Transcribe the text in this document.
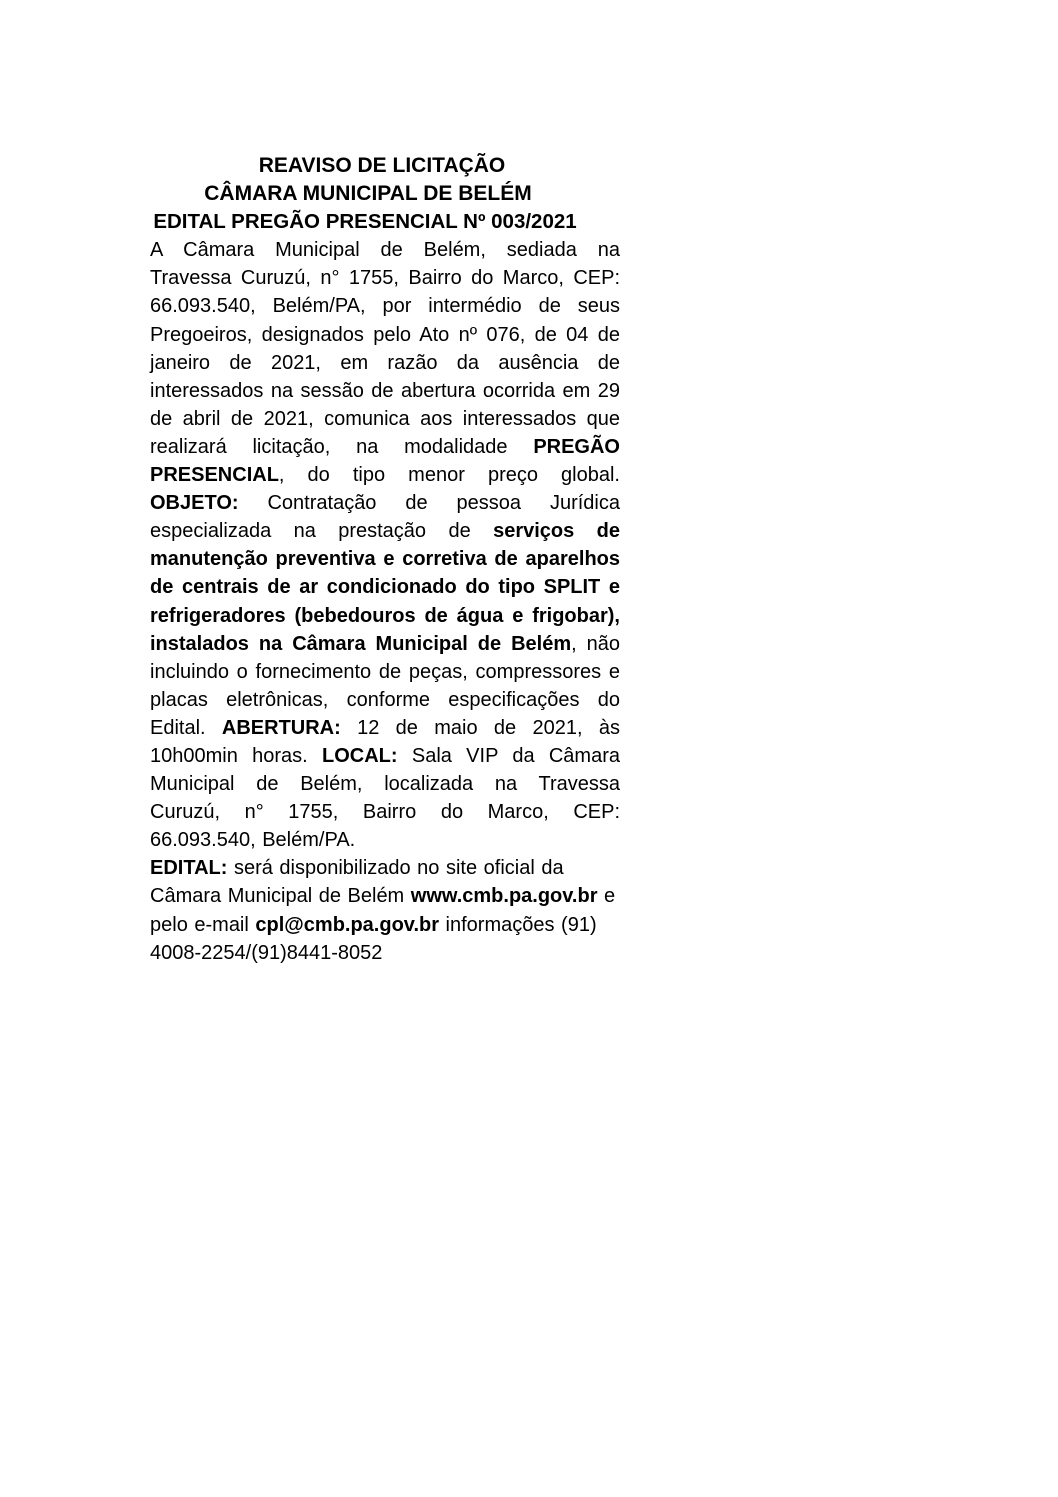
REAVISO DE LICITAÇÃO
CÂMARA MUNICIPAL DE BELÉM
EDITAL PREGÃO PRESENCIAL Nº 003/2021

A Câmara Municipal de Belém, sediada na Travessa Curuzú, n° 1755, Bairro do Marco, CEP: 66.093.540, Belém/PA, por intermédio de seus Pregoeiros, designados pelo Ato nº 076, de 04 de janeiro de 2021, em razão da ausência de interessados na sessão de abertura ocorrida em 29 de abril de 2021, comunica aos interessados que realizará licitação, na modalidade PREGÃO PRESENCIAL, do tipo menor preço global. OBJETO: Contratação de pessoa Jurídica especializada na prestação de serviços de manutenção preventiva e corretiva de aparelhos de centrais de ar condicionado do tipo SPLIT e refrigeradores (bebedouros de água e frigobar), instalados na Câmara Municipal de Belém, não incluindo o fornecimento de peças, compressores e placas eletrônicas, conforme especificações do Edital. ABERTURA: 12 de maio de 2021, às 10h00min horas. LOCAL: Sala VIP da Câmara Municipal de Belém, localizada na Travessa Curuzú, n° 1755, Bairro do Marco, CEP: 66.093.540, Belém/PA.

EDITAL: será disponibilizado no site oficial da Câmara Municipal de Belém www.cmb.pa.gov.br e pelo e-mail cpl@cmb.pa.gov.br informações (91) 4008-2254/(91)8441-8052
